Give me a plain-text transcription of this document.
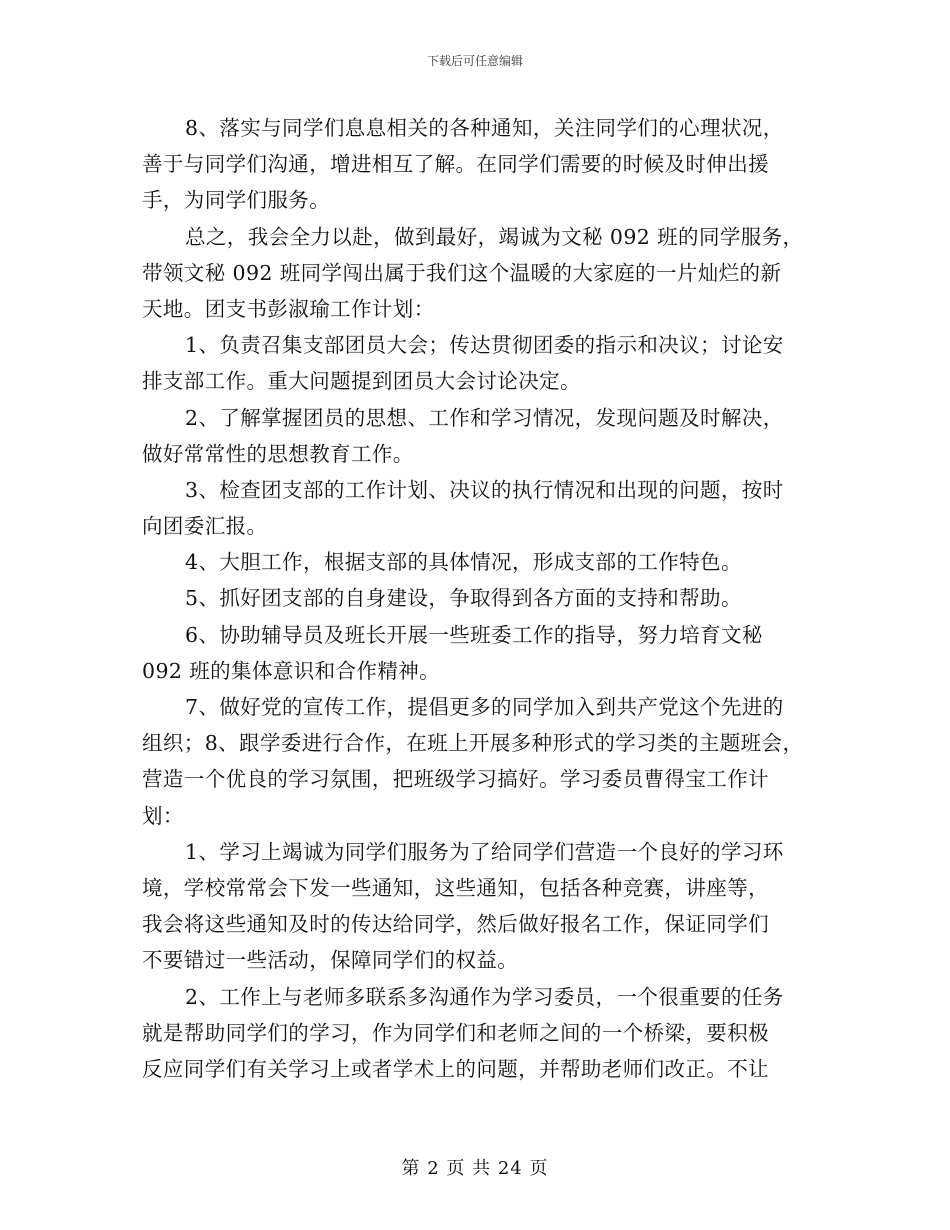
下载后可任意编辑
8、落实与同学们息息相关的各种通知，关注同学们的心理状况，
善于与同学们沟通，增进相互了解。在同学们需要的时候及时伸出援
手，为同学们服务。
总之，我会全力以赴，做到最好，竭诚为文秘 092 班的同学服务，
带领文秘 092 班同学闯出属于我们这个温暖的大家庭的一片灿烂的新
天地。团支书彭淑瑜工作计划：
1、负责召集支部团员大会；传达贯彻团委的指示和决议；讨论安
排支部工作。重大问题提到团员大会讨论决定。
2、了解掌握团员的思想、工作和学习情况，发现问题及时解决，
做好常常性的思想教育工作。
3、检查团支部的工作计划、决议的执行情况和出现的问题，按时
向团委汇报。
4、大胆工作，根据支部的具体情况，形成支部的工作特色。
5、抓好团支部的自身建设，争取得到各方面的支持和帮助。
6、协助辅导员及班长开展一些班委工作的指导，努力培育文秘
092 班的集体意识和合作精神。
7、做好党的宣传工作，提倡更多的同学加入到共产党这个先进的
组织；8、跟学委进行合作，在班上开展多种形式的学习类的主题班会，
营造一个优良的学习氛围，把班级学习搞好。学习委员曹得宝工作计
划：
1、学习上竭诚为同学们服务为了给同学们营造一个良好的学习环
境，学校常常会下发一些通知，这些通知，包括各种竞赛，讲座等，
我会将这些通知及时的传达给同学，然后做好报名工作，保证同学们
不要错过一些活动，保障同学们的权益。
2、工作上与老师多联系多沟通作为学习委员，一个很重要的任务
就是帮助同学们的学习，作为同学们和老师之间的一个桥梁，要积极
反应同学们有关学习上或者学术上的问题，并帮助老师们改正。不让
第 2 页 共 24 页
